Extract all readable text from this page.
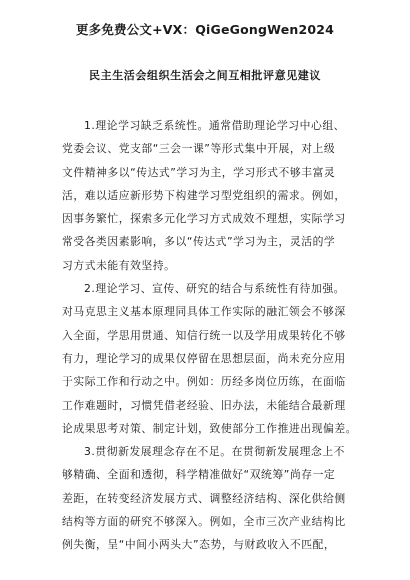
更多免费公文+VX：QiGeGongWen2024
民主生活会组织生活会之间互相批评意见建议
1.理论学习缺乏系统性。通常借助理论学习中心组、
党委会议、党支部“三会一课”等形式集中开展，对上级
文件精神多以“传达式”学习为主，学习形式不够丰富灵
活，难以适应新形势下构建学习型党组织的需求。例如，
因事务繁忙，探索多元化学习方式成效不理想，实际学习
常受各类因素影响，多以“传达式”学习为主，灵活的学
习方式未能有效坚持。
2.理论学习、宣传、研究的结合与系统性有待加强。
对马克思主义基本原理同具体工作实际的融汇领会不够深
入全面，学思用贯通、知信行统一以及学用成果转化不够
有力，理论学习的成果仅停留在思想层面，尚未充分应用
于实际工作和行动之中。例如：历经多岗位历练，在面临
工作难题时，习惯凭借老经验、旧办法，未能结合最新理
论成果思考对策、制定计划，致使部分工作推进出现偏差。
3.贯彻新发展理念存在不足。在贯彻新发展理念上不
够精确、全面和透彻，科学精准做好“双统筹”尚存一定
差距，在转变经济发展方式、调整经济结构、深化供给侧
结构等方面的研究不够深入。例如，全市三次产业结构比
例失衡，呈“中间小两头大”态势，与财政收入不匹配，
